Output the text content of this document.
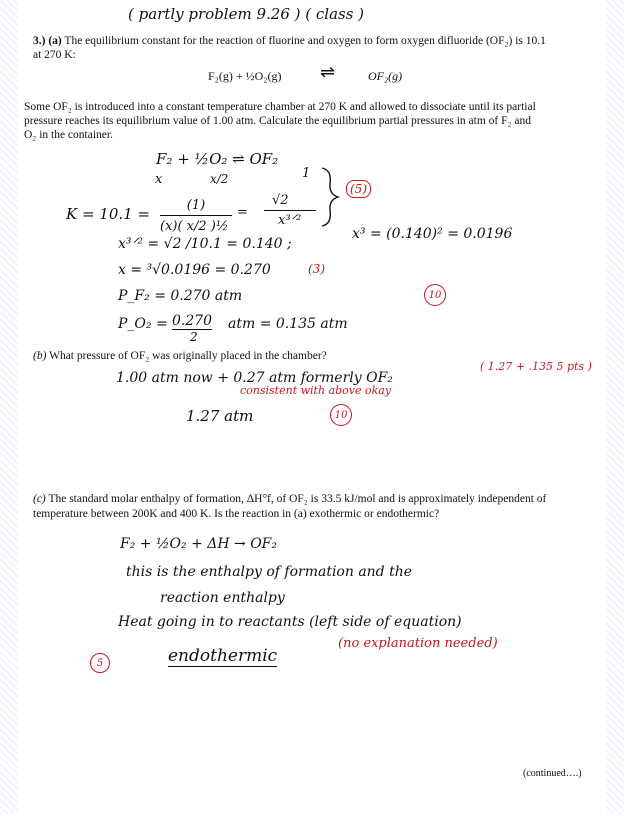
( partly problem 9.26 ) ( class )
3.) (a) The equilibrium constant for the reaction of fluorine and oxygen to form oxygen difluoride (OF₂) is 10.1
at 270 K:
F₂(g) + ½O₂(g) ⇌	OF₂(g)
Some OF₂ is introduced into a constant temperature chamber at 270 K and allowed to dissociate until its partial
pressure reaches its equilibrium value of 1.00 atm. Calculate the equilibrium partial pressures in atm of F₂ and
O₂ in the container.
F₂ + ½O₂ ⇌ OF₂
x	x/2	1
K = 10.1 =	(1)
(x)( x/2 )½
=
√2
x³ᐟ²
(5)
x³ᐟ² = √2 /10.1 = 0.140 ;
x³ = (0.140)² = 0.0196
x = ³√0.0196 = 0.270	(3)
P_F₂ = 0.270 atm	10
P_O₂ = 0.270
2
atm = 0.135 atm
(b) What pressure of OF₂ was originally placed in the chamber?
1.00 atm now + 0.27 atm formerly OF₂
( 1.27 + .135 5 pts )
consistent with above okay
1.27 atm	10
(c) The standard molar enthalpy of formation, ΔH°f, of OF₂ is 33.5 kJ/mol and is approximately independent of
temperature between 200K and 400 K. Is the reaction in (a) exothermic or endothermic?
F₂ + ½O₂ + ΔH → OF₂
this is the enthalpy of formation and the
reaction enthalpy
Heat going in to reactants (left side of equation)
5	endothermic
(no explanation needed)
(continued….)
